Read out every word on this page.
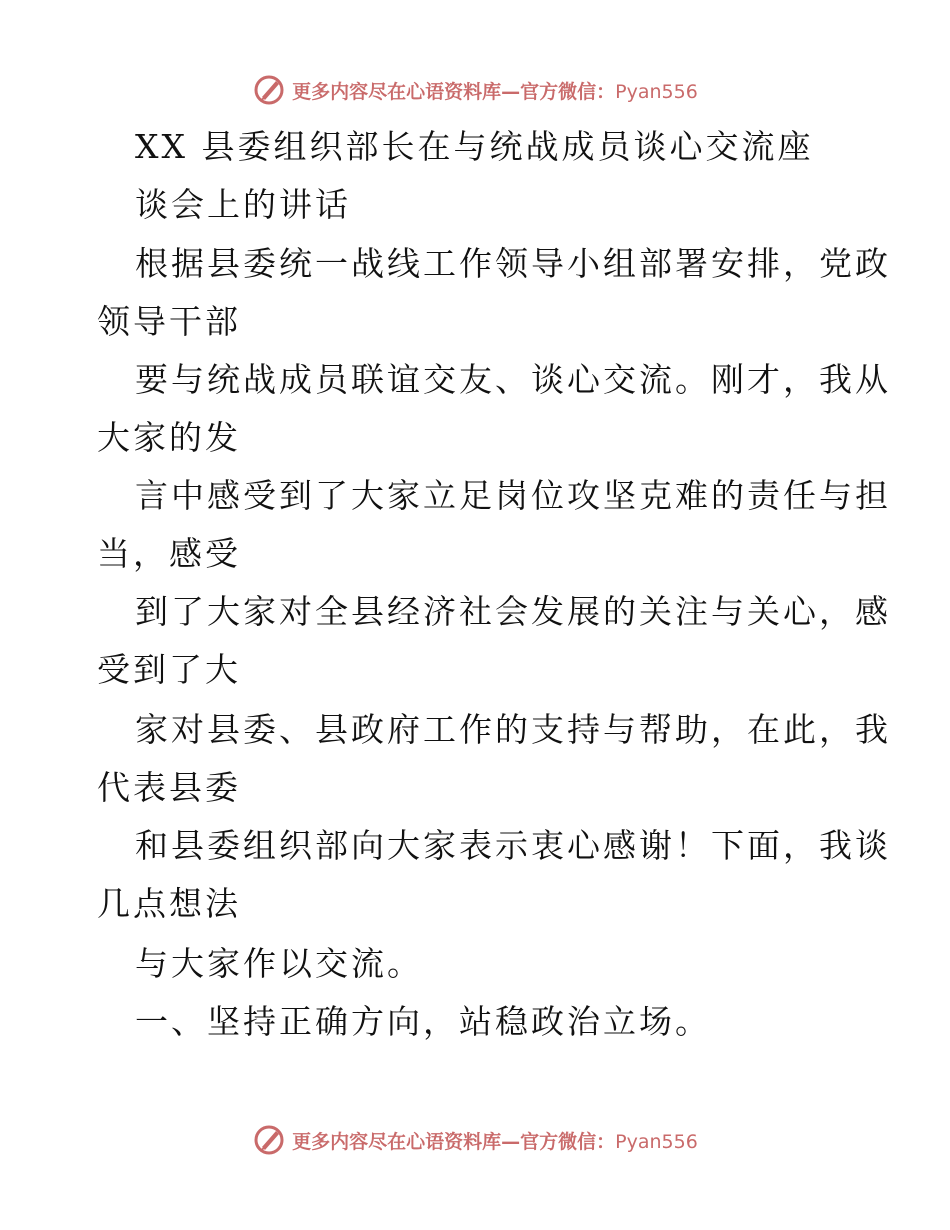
更多内容尽在心语资料库—官方微信：Pyan556
XX 县委组织部长在与统战成员谈心交流座
谈会上的讲话
根据县委统一战线工作领导小组部署安排，党政
领导干部
要与统战成员联谊交友、谈心交流。刚才，我从
大家的发
言中感受到了大家立足岗位攻坚克难的责任与担
当，感受
到了大家对全县经济社会发展的关注与关心，感
受到了大
家对县委、县政府工作的支持与帮助，在此，我
代表县委
和县委组织部向大家表示衷心感谢！下面，我谈
几点想法
与大家作以交流。
一、坚持正确方向，站稳政治立场。
更多内容尽在心语资料库—官方微信：Pyan556
